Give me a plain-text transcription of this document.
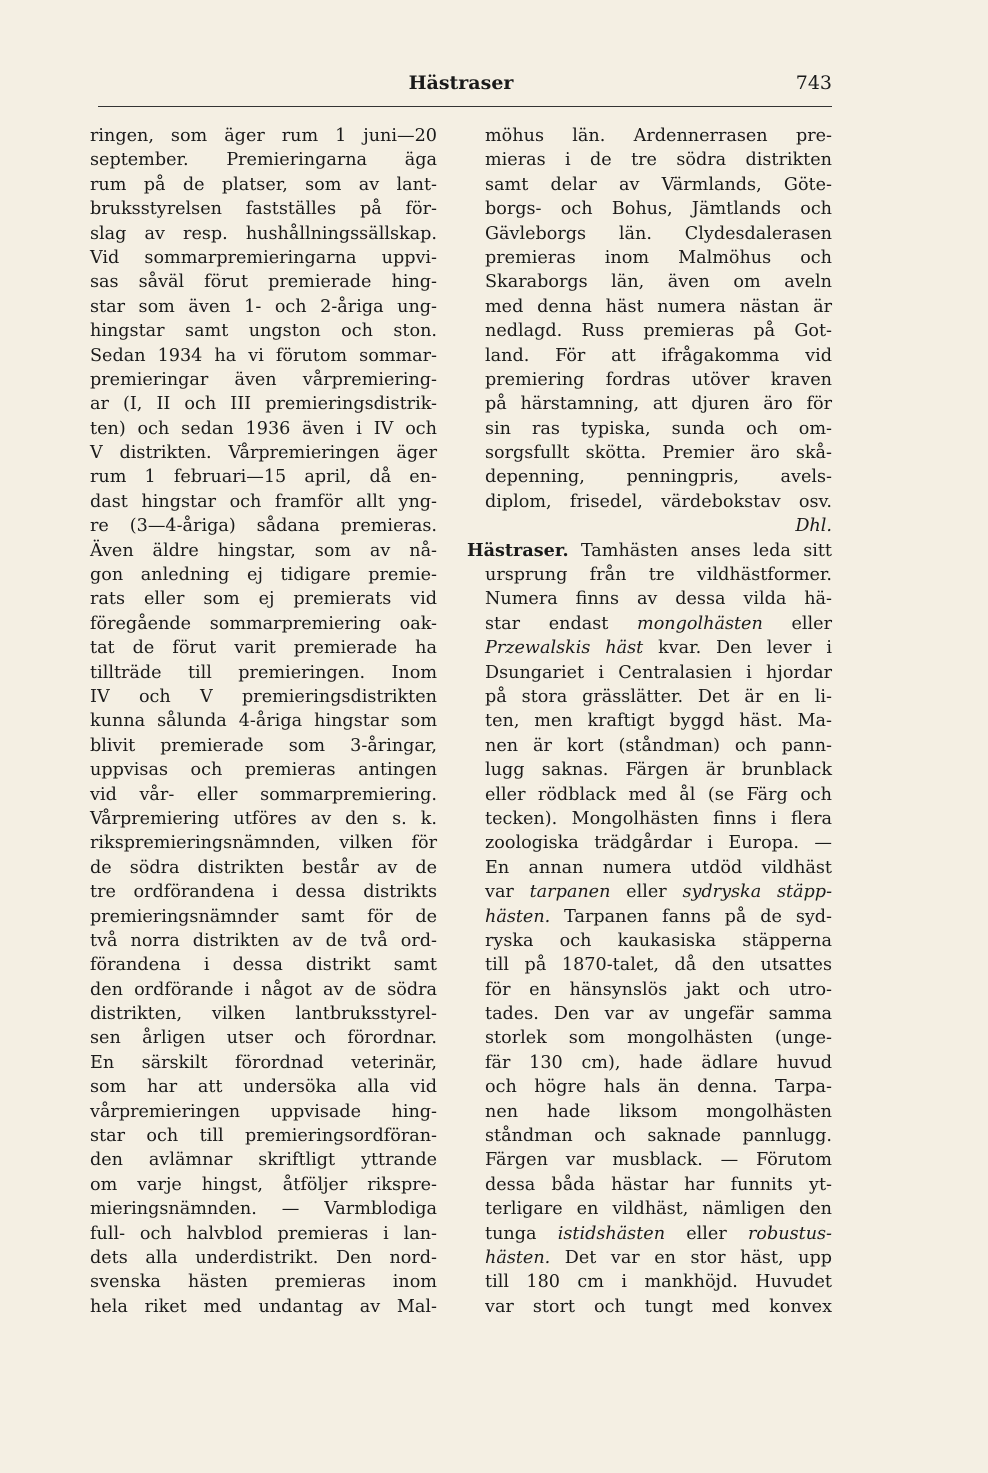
Hästraser	743
ringen, som äger rum 1 juni—20
september. Premieringarna äga
rum på de platser, som av lant-
bruksstyrelsen fastställes på för-
slag av resp. hushållningssällskap.
Vid sommarpremieringarna uppvi-
sas såväl förut premierade hing-
star som även 1- och 2-åriga ung-
hingstar samt ungston och ston.
Sedan 1934 ha vi förutom sommar-
premieringar även vårpremiering-
ar (I, II och III premieringsdistrik-
ten) och sedan 1936 även i IV och
V distrikten. Vårpremieringen äger
rum 1 februari—15 april, då en-
dast hingstar och framför allt yng-
re (3—4-åriga) sådana premieras.
Även äldre hingstar, som av nå-
gon anledning ej tidigare premie-
rats eller som ej premierats vid
föregående sommarpremiering oak-
tat de förut varit premierade ha
tillträde till premieringen. Inom
IV och V premieringsdistrikten
kunna sålunda 4-åriga hingstar som
blivit premierade som 3-åringar,
uppvisas och premieras antingen
vid vår- eller sommarpremiering.
Vårpremiering utföres av den s. k.
rikspremieringsnämnden, vilken för
de södra distrikten består av de
tre ordförandena i dessa distrikts
premieringsnämnder samt för de
två norra distrikten av de två ord-
förandena i dessa distrikt samt
den ordförande i något av de södra
distrikten, vilken lantbruksstyrel-
sen årligen utser och förordnar.
En särskilt förordnad veterinär,
som har att undersöka alla vid
vårpremieringen uppvisade hing-
star och till premieringsordföran-
den avlämnar skriftligt yttrande
om varje hingst, åtföljer rikspre-
mieringsnämnden. — Varmblodiga
full- och halvblod premieras i lan-
dets alla underdistrikt. Den nord-
svenska hästen premieras inom
hela riket med undantag av Mal-
möhus län. Ardennerrasen pre-
mieras i de tre södra distrikten
samt delar av Värmlands, Göte-
borgs- och Bohus, Jämtlands och
Gävleborgs län. Clydesdalerasen
premieras inom Malmöhus och
Skaraborgs län, även om aveln
med denna häst numera nästan är
nedlagd. Russ premieras på Got-
land. För att ifrågakomma vid
premiering fordras utöver kraven
på härstamning, att djuren äro för
sin ras typiska, sunda och om-
sorgsfullt skötta. Premier äro skå-
depenning, penningpris, avels-
diplom, frisedel, värdebokstav osv.
Dhl.
Hästraser. Tamhästen anses leda sitt
ursprung från tre vildhästformer.
Numera finns av dessa vilda hä-
star endast mongolhästen eller
Przewalskis häst kvar. Den lever i
Dsungariet i Centralasien i hjordar
på stora grässlätter. Det är en li-
ten, men kraftigt byggd häst. Ma-
nen är kort (ståndman) och pann-
lugg saknas. Färgen är brunblack
eller rödblack med ål (se Färg och
tecken). Mongolhästen finns i flera
zoologiska trädgårdar i Europa. —
En annan numera utdöd vildhäst
var tarpanen eller sydryska stäpp-
hästen. Tarpanen fanns på de syd-
ryska och kaukasiska stäpperna
till på 1870-talet, då den utsattes
för en hänsynslös jakt och utro-
tades. Den var av ungefär samma
storlek som mongolhästen (unge-
fär 130 cm), hade ädlare huvud
och högre hals än denna. Tarpa-
nen hade liksom mongolhästen
ståndman och saknade pannlugg.
Färgen var musblack. — Förutom
dessa båda hästar har funnits yt-
terligare en vildhäst, nämligen den
tunga istidshästen eller robustus-
hästen. Det var en stor häst, upp
till 180 cm i mankhöjd. Huvudet
var stort och tungt med konvex
